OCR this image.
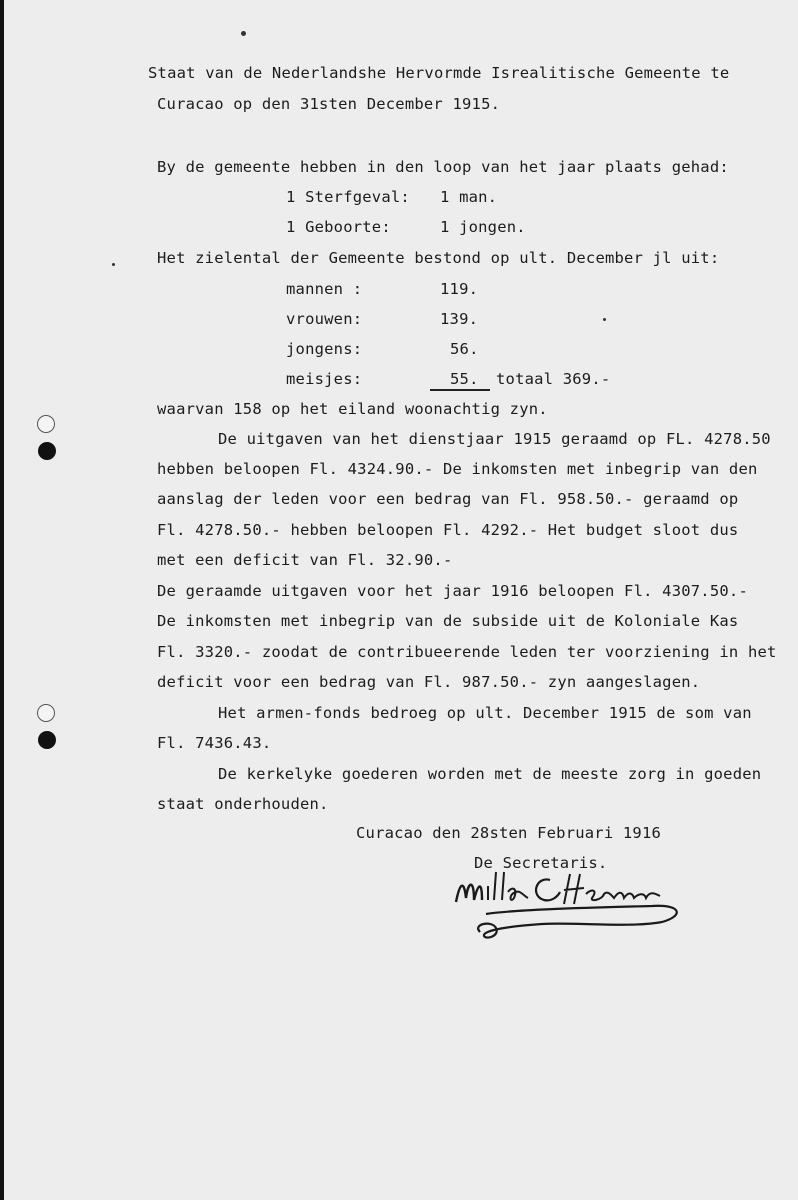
Staat van de Nederlandshe Hervormde Isrealitische Gemeente te
Curacao op den 31sten December 1915.
By de gemeente hebben in den loop van het jaar plaats gehad:
1 Sterfgeval: 1 man.
1 Geboorte:	1 jongen.
Het zielental der Gemeente bestond op ult. December jl uit:
mannen :	119.
vrouwen:	139.
jongens:	56.
meisjes:	55. totaal 369.-
waarvan 158 op het eiland woonachtig zyn.
De uitgaven van het dienstjaar 1915 geraamd op FL. 4278.50
hebben beloopen Fl. 4324.90.- De inkomsten met inbegrip van den
aanslag der leden voor een bedrag van Fl. 958.50.- geraamd op
Fl. 4278.50.- hebben beloopen Fl. 4292.- Het budget sloot dus
met een deficit van Fl. 32.90.-
De geraamde uitgaven voor het jaar 1916 beloopen Fl. 4307.50.-
De inkomsten met inbegrip van de subside uit de Koloniale Kas
Fl. 3320.- zoodat de contribueerende leden ter voorziening in het
deficit voor een bedrag van Fl. 987.50.- zyn aangeslagen.
Het armen-fonds bedroeg op ult. December 1915 de som van
Fl. 7436.43.
De kerkelyke goederen worden met de meeste zorg in goeden
staat onderhouden.
Curacao den 28sten Februari 1916
De Secretaris.
Milton C Henriquez
